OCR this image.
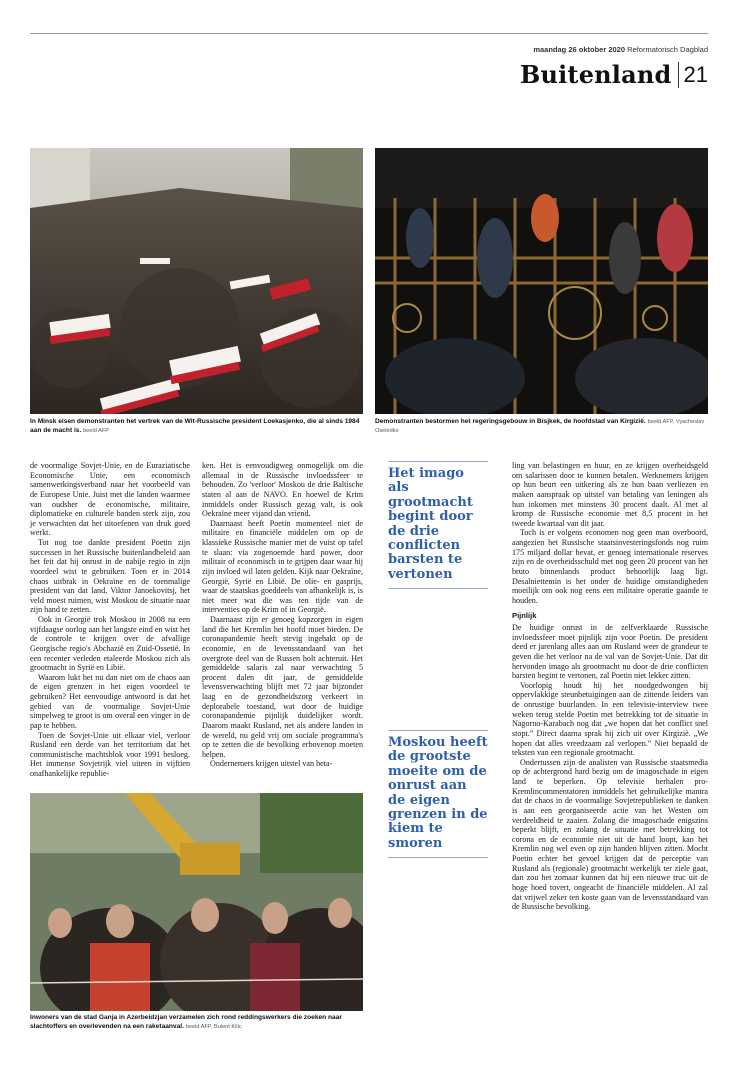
maandag 26 oktober 2020 Reformatorisch Dagblad
Buitenland 21
In Minsk eisen demonstranten het vertrek van de Wit-Russische president Loekasjenko, die al sinds 1984 aan de macht is. beeld AFP
Demonstranten bestormen het regeringsgebouw in Bisjkek, de hoofdstad van Kirgizië. beeld AFP, Vyacheslav Oseledko

de voormalige Sovjet-Unie, en de Euraziatische Economische Unie, een economisch samenwerkingsverband naar het voorbeeld van de Europese Unie. Juist met die landen waarmee van oudsher de economische, militaire, diplomatieke en culturele banden sterk zijn, zou je verwachten dat het uitoefenen van druk goed werkt.

Tot nog toe dankte president Poetin zijn successen in het Russische buitenlandbeleid aan het feit dat hij onrust in de nabije regio in zijn voordeel wist te gebruiken. Toen er in 2014 chaos uitbrak in Oekraïne en de toenmalige president van dat land, Viktor Janoekovitsj, het veld moest ruimen, wist Moskou de situatie naar zijn hand te zetten.

Ook in Georgië trok Moskou in 2008 na een vijfdaagse oorlog aan het langste eind en wist het de controle te krijgen over de afvallige Georgische regio's Abchazië en Zuid-Ossetië. In een recenter verleden etaleerde Moskou zich als grootmacht in Syrië en Libië.

Waarom lukt het nu dan niet om de chaos aan de eigen grenzen in het eigen voordeel te gebruiken? Het eenvoudige antwoord is dat het gebied van de voormalige Sovjet-Unie simpelweg te groot is om overal een vinger in de pap te hebben.

Toen de Sovjet-Unie uit elkaar viel, verloor Rusland een derde van het territorium dat het communistische machtsblok voor 1991 besloeg. Het immense Sovjetrijk viel uiteen in vijftien onafhankelijke republie-

ken. Het is eenvoudigweg onmogelijk om die allemaal in de Russische invloedssfeer te behouden. Zo 'verloor' Moskou de drie Baltische staten al aan de NAVO. En hoewel de Krim inmiddels onder Russisch gezag valt, is ook Oekraïne meer vijand dan vriend.

Daarnaast heeft Poetin momenteel niet de militaire en financiële middelen om op de klassieke Russische manier met de vuist op tafel te slaan: via zogenoemde hard power, door militair of economisch in te grijpen daar waar hij zijn invloed wil laten gelden. Kijk naar Oekraïne, Georgië, Syrië en Libië. De olie- en gasprijs, waar de staatskas goeddeels van afhankelijk is, is niet meer wat die was ten tijde van de interventies op de Krim of in Georgië.

Daarnaast zijn er genoeg kopzorgen in eigen land die het Kremlin het hoofd moet bieden. De coronapandemie heeft stevig ingehakt op de economie, en de levensstandaard van het overgrote deel van de Russen holt achteruit. Het gemiddelde salaris zal naar verwachting 5 procent dalen dit jaar, de gemiddelde levensverwachting blijft met 72 jaar bijzonder laag en de gezondheidszorg verkeert in deplorabele toestand, wat door de huidige coronapandemie pijnlijk duidelijker wordt. Daarom maakt Rusland, net als andere landen in de wereld, nu geld vrij om sociale programma's op te zetten die de bevolking erbovenop moeten helpen.

Ondernemers krijgen uitstel van beta-

Inwoners van de stad Ganja in Azerbeidzjan verzamelen zich rond reddingswerkers die zoeken naar slachtoffers en overlevenden na een raketaanval. beeld AFP, Bulent Kilic
Het imago als grootmacht begint door de drie conflicten barsten te vertonen
Moskou heeft de grootste moeite om de onrust aan de eigen grenzen in de kiem te smoren

ling van belastingen en huur, en ze krijgen overheidsgeld om salarissen door te kunnen betalen. Werknemers krijgen op hun beurt een uitkering als ze hun baan verliezen en maken aanspraak op uitstel van betaling van leningen als hun inkomen met minstens 30 procent daalt. Al met al kromp de Russische economie met 8,5 procent in het tweede kwartaal van dit jaar.

Toch is er volgens economen nog geen man overboord, aangezien het Russische staatsinvesteringsfonds nog ruim 175 miljard dollar bevat, er genoeg internationale reserves zijn en de overheidsschuld met nog geen 20 procent van het bruto binnenlands product behoorlijk laag ligt. Desalniettemin is het onder de huidige omstandigheden moeilijk om ook nog eens een militaire operatie gaande te houden.

Pijnlijk

De huidige onrust in de zelfverklaarde Russische invloedssfeer moet pijnlijk zijn voor Poetin. De president deed er jarenlang alles aan om Rusland weer de grandeur te geven die het verloor na de val van de Sovjet-Unie. Dat dit hervonden imago als grootmacht nu door de drie conflicten barsten begint te vertonen, zal Poetin niet lekker zitten.

Voorlopig houdt hij het noodgedwongen bij oppervlakkige steunbetuigingen aan de zittende leiders van de onrustige buurlanden. In een televisie-interview twee weken terug stelde Poetin met betrekking tot de situatie in Nagorno-Karabach nog dat „we hopen dat het conflict snel stopt.” Direct daarna sprak hij zich uit over Kirgizië. „We hopen dat alles vreedzaam zal verlopen.” Niet bepaald de teksten van een regionale grootmacht.

Ondertussen zijn de analisten van Russische staatsmedia op de achtergrond hard bezig om de imagoschade in eigen land te beperken. Op televisie herhalen pro-Kremlincommentatoren inmiddels het gebruikelijke mantra dat de chaos in de voormalige Sovjetrepublieken te danken is aan een georganiseerde actie van het Westen om verdeeldheid te zaaien. Zolang die imagoschade enigszins beperkt blijft, en zolang de situatie met betrekking tot corona en de economie niet uit de hand loopt, kan het Kremlin nog wel even op zijn handen blijven zitten. Mocht Poetin echter het gevoel krijgen dat de perceptie van Rusland als (regionale) grootmacht werkelijk ter ziele gaat, dan zou het zomaar kunnen dat hij een nieuwe truc uit de hoge hoed tovert, ongeacht de financiële middelen. Al zal dat vrijwel zeker ten koste gaan van de levensstandaard van de Russische bevolking.
